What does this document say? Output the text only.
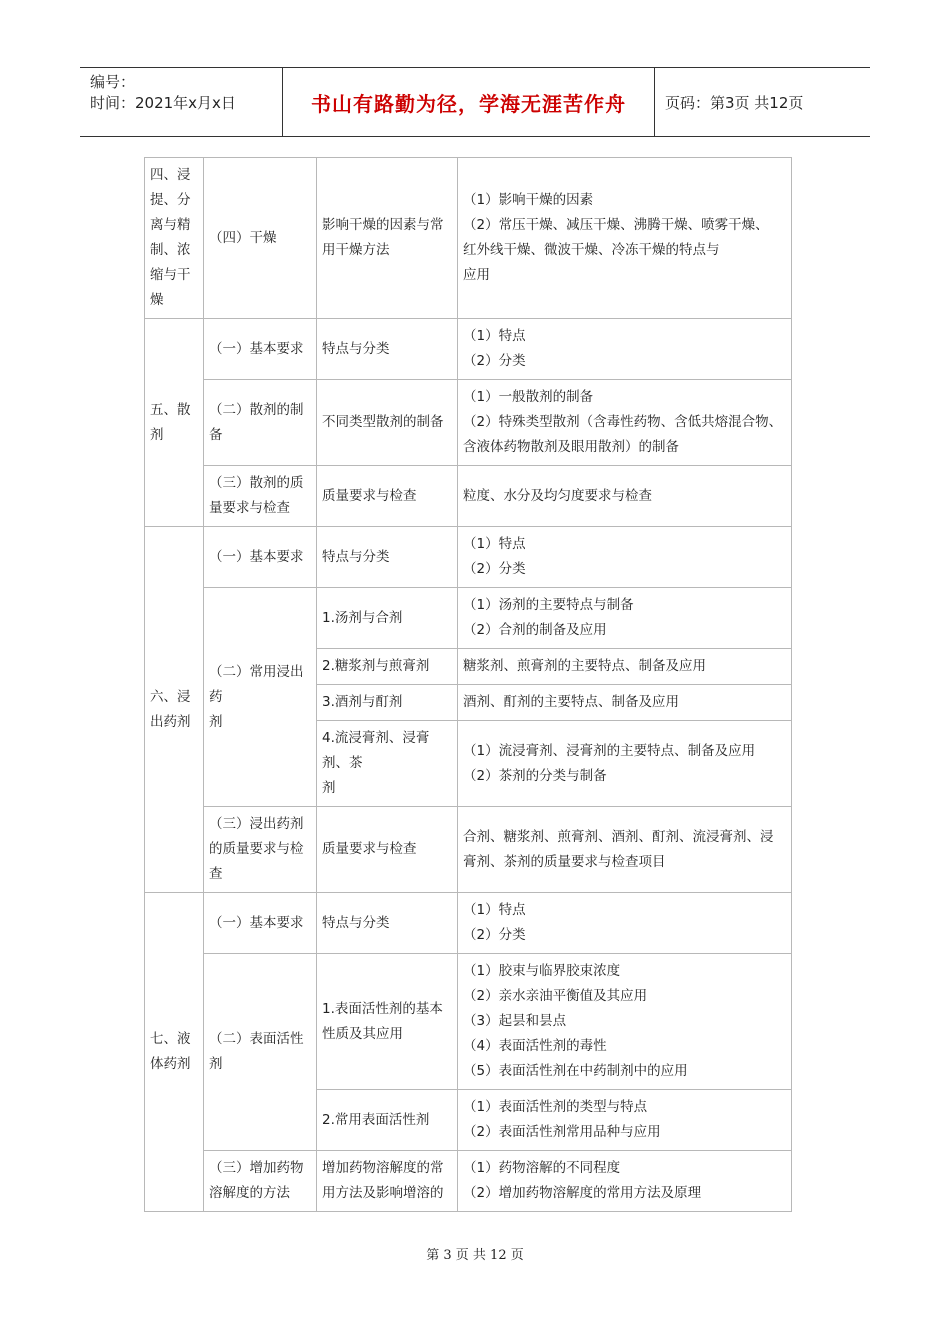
编号：
时间：2021年x月x日	书山有路勤为径，学海无涯苦作舟	页码：第3页 共12页
四、浸提、分离与精制、浓缩与干燥	（四）干燥	影响干燥的因素与常用干燥方法	（1）影响干燥的因素
（2）常压干燥、减压干燥、沸腾干燥、喷雾干燥、
红外线干燥、微波干燥、冷冻干燥的特点与
应用
五、散剂	（一）基本要求	特点与分类	（1）特点
（2）分类
	（二）散剂的制备	不同类型散剂的制备	（1）一般散剂的制备
（2）特殊类型散剂（含毒性药物、含低共熔混合物、含液体药物散剂及眼用散剂）的制备
	（三）散剂的质量要求与检查	质量要求与检查	粒度、水分及均匀度要求与检查
六、浸出药剂	（一）基本要求	特点与分类	（1）特点
（2）分类
	（二）常用浸出药
剂	1.汤剂与合剂	（1）汤剂的主要特点与制备
（2）合剂的制备及应用
		2.糖浆剂与煎膏剂	糖浆剂、煎膏剂的主要特点、制备及应用
		3.酒剂与酊剂	酒剂、酊剂的主要特点、制备及应用
		4.流浸膏剂、浸膏剂、茶
剂	（1）流浸膏剂、浸膏剂的主要特点、制备及应用
（2）茶剂的分类与制备
	（三）浸出药剂的质量要求与检查	质量要求与检查	合剂、糖浆剂、煎膏剂、酒剂、酊剂、流浸膏剂、浸膏剂、茶剂的质量要求与检查项目
七、液体药剂	（一）基本要求	特点与分类	（1）特点
（2）分类
	（二）表面活性
剂	1.表面活性剂的基本性质及其应用	（1）胶束与临界胶束浓度
（2）亲水亲油平衡值及其应用
（3）起昙和昙点
（4）表面活性剂的毒性
（5）表面活性剂在中药制剂中的应用
		2.常用表面活性剂	（1）表面活性剂的类型与特点
（2）表面活性剂常用品种与应用
	（三）增加药物溶解度的方法	增加药物溶解度的常用方法及影响增溶的	（1）药物溶解的不同程度
（2）增加药物溶解度的常用方法及原理
第 3 页 共 12 页
